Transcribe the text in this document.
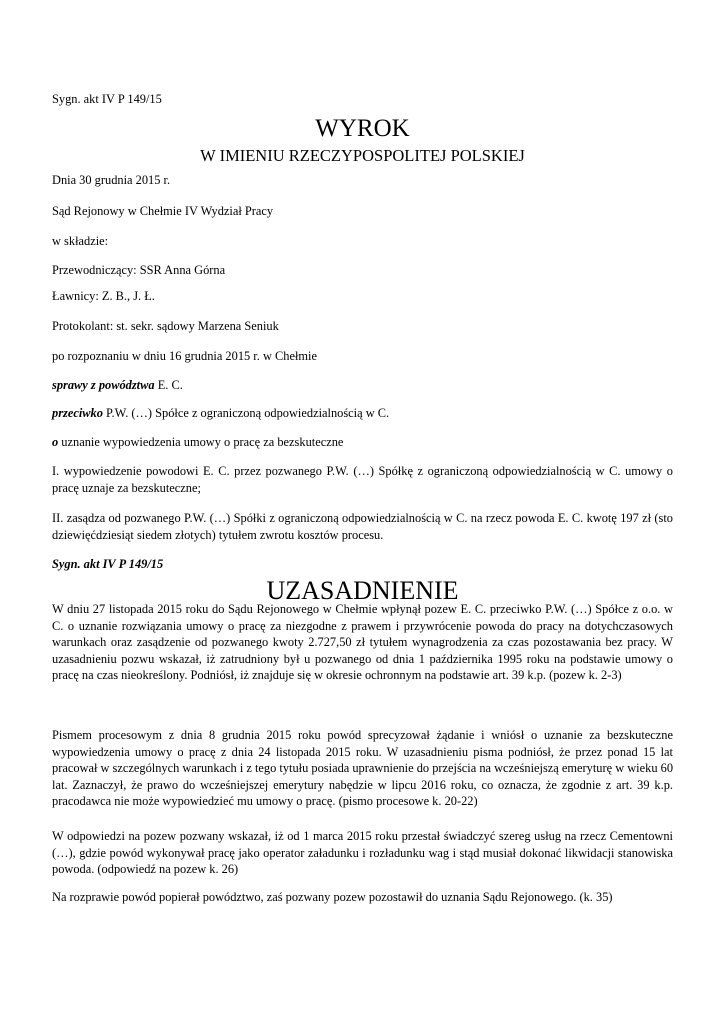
Sygn. akt IV P 149/15

WYROK

W IMIENIU RZECZYPOSPOLITEJ POLSKIEJ

Dnia 30 grudnia 2015 r.

Sąd Rejonowy w Chełmie IV Wydział Pracy

w składzie:

Przewodniczący: SSR Anna Górna

Ławnicy: Z. B., J. Ł.

Protokolant: st. sekr. sądowy Marzena Seniuk

po rozpoznaniu w dniu 16 grudnia 2015 r. w Chełmie

sprawy z powództwa E. C.

przeciwko P.W. (…) Spółce z ograniczoną odpowiedzialnością w C.

o uznanie wypowiedzenia umowy o pracę za bezskuteczne

I. wypowiedzenie powodowi E. C. przez pozwanego P.W. (…) Spółkę z ograniczoną odpowiedzialnością w C. umowy o pracę uznaje za bezskuteczne;

II. zasądza od pozwanego P.W. (…) Spółki z ograniczoną odpowiedzialnością w C. na rzecz powoda E. C. kwotę 197 zł (sto dziewięćdziesiąt siedem złotych) tytułem zwrotu kosztów procesu.

Sygn. akt IV P 149/15

UZASADNIENIE

W dniu 27 listopada 2015 roku do Sądu Rejonowego w Chełmie wpłynął pozew E. C. przeciwko P.W. (…) Spółce z o.o. w C. o uznanie rozwiązania umowy o pracę za niezgodne z prawem i przywrócenie powoda do pracy na dotychczasowych warunkach oraz zasądzenie od pozwanego kwoty 2.727,50 zł tytułem wynagrodzenia za czas pozostawania bez pracy. W uzasadnieniu pozwu wskazał, iż zatrudniony był u pozwanego od dnia 1 października 1995 roku na podstawie umowy o pracę na czas nieokreślony. Podniósł, iż znajduje się w okresie ochronnym na podstawie art. 39 k.p. (pozew k. 2-3)

Pismem procesowym z dnia 8 grudnia 2015 roku powód sprecyzował żądanie i wniósł o uznanie za bezskuteczne wypowiedzenia umowy o pracę z dnia 24 listopada 2015 roku. W uzasadnieniu pisma podniósł, że przez ponad 15 lat pracował w szczególnych warunkach i z tego tytułu posiada uprawnienie do przejścia na wcześniejszą emeryturę w wieku 60 lat. Zaznaczył, że prawo do wcześniejszej emerytury nabędzie w lipcu 2016 roku, co oznacza, że zgodnie z art. 39 k.p. pracodawca nie może wypowiedzieć mu umowy o pracę. (pismo procesowe k. 20-22)

W odpowiedzi na pozew pozwany wskazał, iż od 1 marca 2015 roku przestał świadczyć szereg usług na rzecz Cementowni (…), gdzie powód wykonywał pracę jako operator załadunku i rozładunku wag i stąd musiał dokonać likwidacji stanowiska powoda. (odpowiedź na pozew k. 26)

Na rozprawie powód popierał powództwo, zaś pozwany pozew pozostawił do uznania Sądu Rejonowego. (k. 35)
